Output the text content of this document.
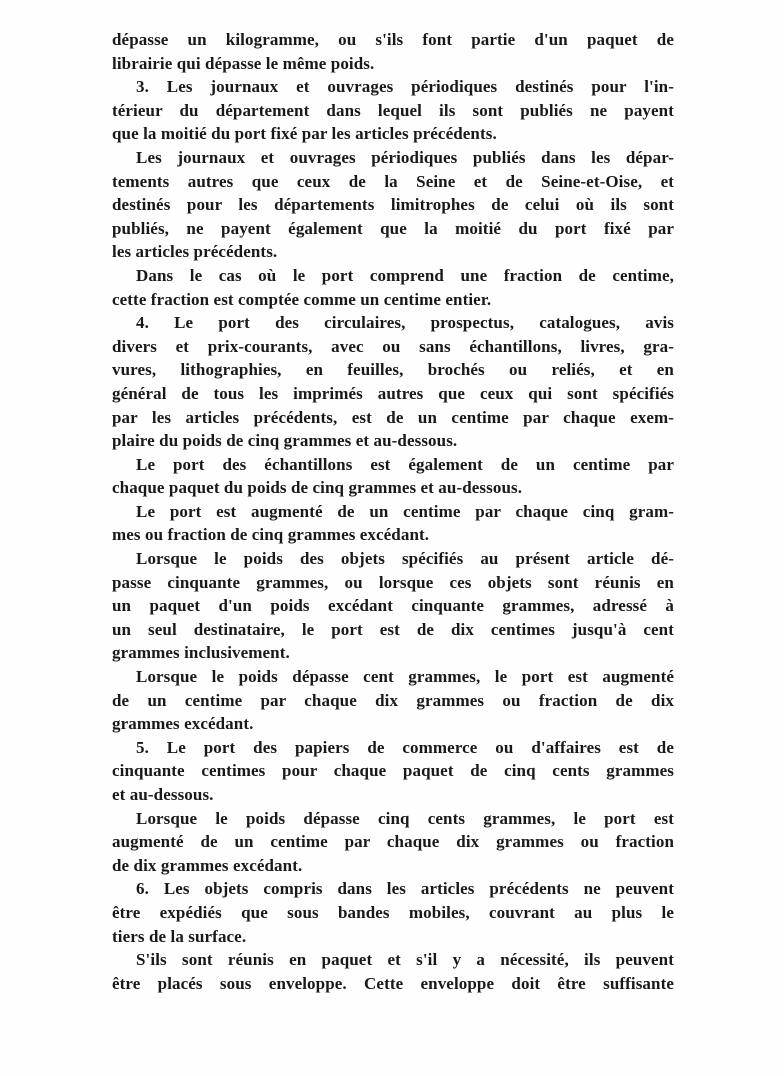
dépasse un kilogramme, ou s'ils font partie d'un paquet de
librairie qui dépasse le même poids.
3. Les journaux et ouvrages périodiques destinés pour l'in-
térieur du département dans lequel ils sont publiés ne payent
que la moitié du port fixé par les articles précédents.
Les journaux et ouvrages périodiques publiés dans les dépar-
tements autres que ceux de la Seine et de Seine-et-Oise, et
destinés pour les départements limitrophes de celui où ils sont
publiés, ne payent également que la moitié du port fixé par
les articles précédents.
Dans le cas où le port comprend une fraction de centime,
cette fraction est comptée comme un centime entier.
4. Le port des circulaires, prospectus, catalogues, avis
divers et prix-courants, avec ou sans échantillons, livres, gra-
vures, lithographies, en feuilles, brochés ou reliés, et en
général de tous les imprimés autres que ceux qui sont spécifiés
par les articles précédents, est de un centime par chaque exem-
plaire du poids de cinq grammes et au-dessous.
Le port des échantillons est également de un centime par
chaque paquet du poids de cinq grammes et au-dessous.
Le port est augmenté de un centime par chaque cinq gram-
mes ou fraction de cinq grammes excédant.
Lorsque le poids des objets spécifiés au présent article dé-
passe cinquante grammes, ou lorsque ces objets sont réunis en
un paquet d'un poids excédant cinquante grammes, adressé à
un seul destinataire, le port est de dix centimes jusqu'à cent
grammes inclusivement.
Lorsque le poids dépasse cent grammes, le port est augmenté
de un centime par chaque dix grammes ou fraction de dix
grammes excédant.
5. Le port des papiers de commerce ou d'affaires est de
cinquante centimes pour chaque paquet de cinq cents grammes
et au-dessous.
Lorsque le poids dépasse cinq cents grammes, le port est
augmenté de un centime par chaque dix grammes ou fraction
de dix grammes excédant.
6. Les objets compris dans les articles précédents ne peuvent
être expédiés que sous bandes mobiles, couvrant au plus le
tiers de la surface.
S'ils sont réunis en paquet et s'il y a nécessité, ils peuvent
être placés sous enveloppe. Cette enveloppe doit être suffisante
